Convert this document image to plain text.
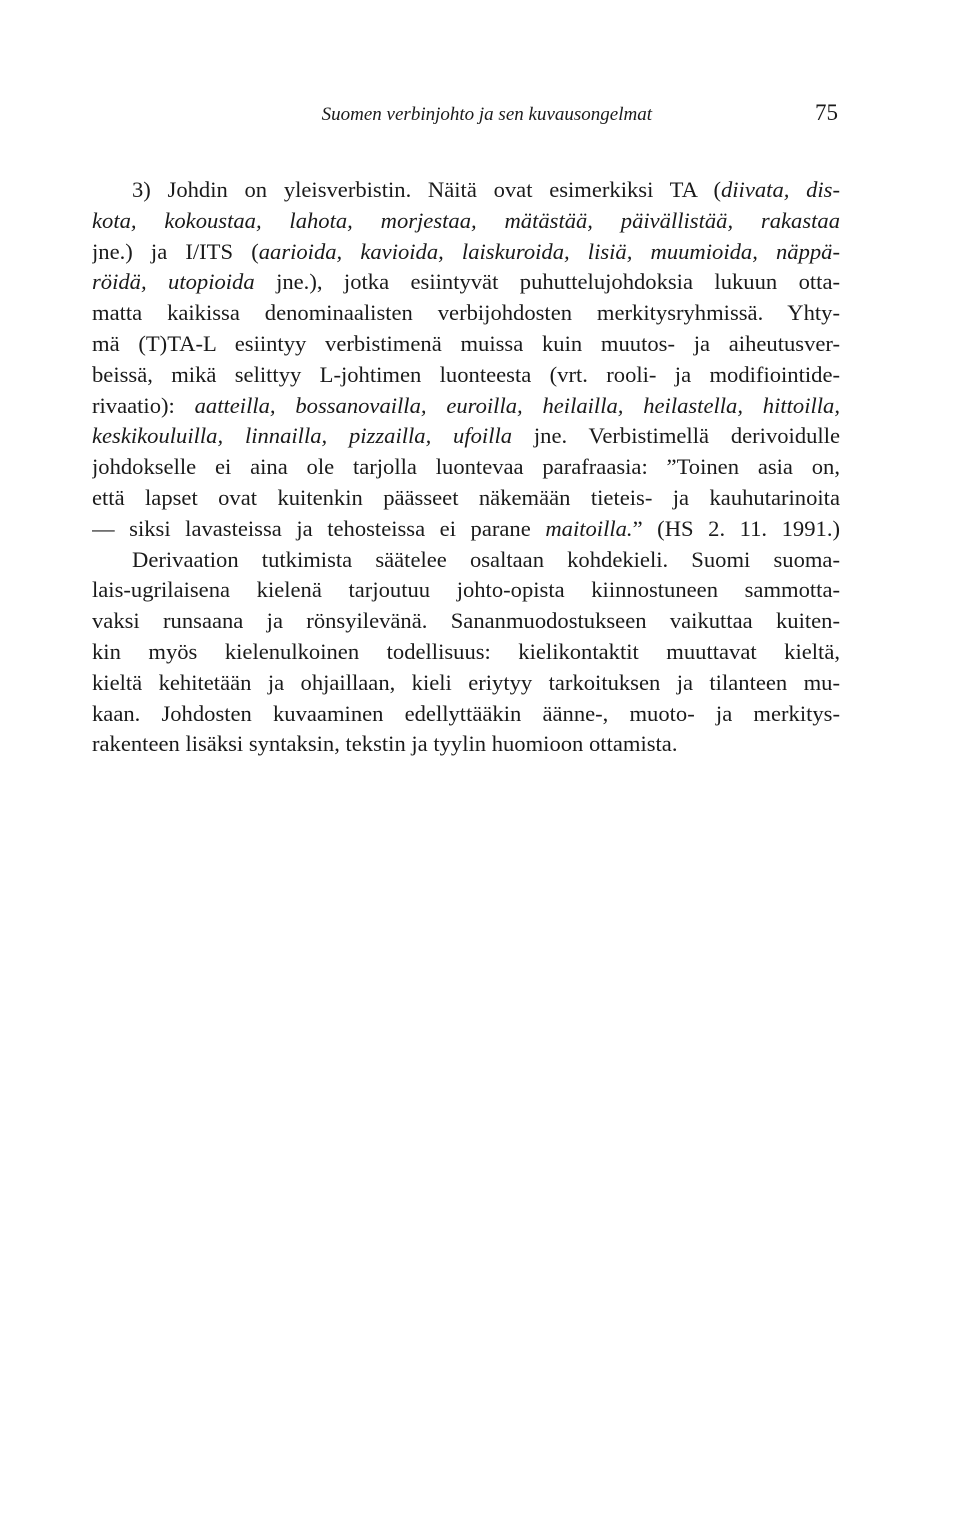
Suomen verbinjohto ja sen kuvausongelmat	75
3) Johdin on yleisverbistin. Näitä ovat esimerkiksi TA (diivata, dis-
kota, kokoustaa, lahota, morjestaa, mätästää, päivällistää, rakastaa
jne.) ja I/ITS (aarioida, kavioida, laiskuroida, lisiä, muumioida, näppä-
röidä, utopioida jne.), jotka esiintyvät puhuttelujohdoksia lukuun otta-
matta kaikissa denominaalisten verbijohdosten merkitysryhmissä. Yhty-
mä (T)TA-L esiintyy verbistimenä muissa kuin muutos- ja aiheutusver-
beissä, mikä selittyy L-johtimen luonteesta (vrt. rooli- ja modifiointide-
rivaatio): aatteilla, bossanovailla, euroilla, heilailla, heilastella, hittoilla,
keskikouluilla, linnailla, pizzailla, ufoilla jne. Verbistimellä derivoidulle
johdokselle ei aina ole tarjolla luontevaa parafraasia: ”Toinen asia on,
että lapset ovat kuitenkin päässeet näkemään tieteis- ja kauhutarinoita
— siksi lavasteissa ja tehosteissa ei parane maitoilla.” (HS 2. 11. 1991.)
Derivaation tutkimista säätelee osaltaan kohdekieli. Suomi suoma-
lais-ugrilaisena kielenä tarjoutuu johto-opista kiinnostuneen sammotta-
vaksi runsaana ja rönsyilevänä. Sananmuodostukseen vaikuttaa kuiten-
kin myös kielenulkoinen todellisuus: kielikontaktit muuttavat kieltä,
kieltä kehitetään ja ohjaillaan, kieli eriytyy tarkoituksen ja tilanteen mu-
kaan. Johdosten kuvaaminen edellyttääkin äänne-, muoto- ja merkitys-
rakenteen lisäksi syntaksin, tekstin ja tyylin huomioon ottamista.
